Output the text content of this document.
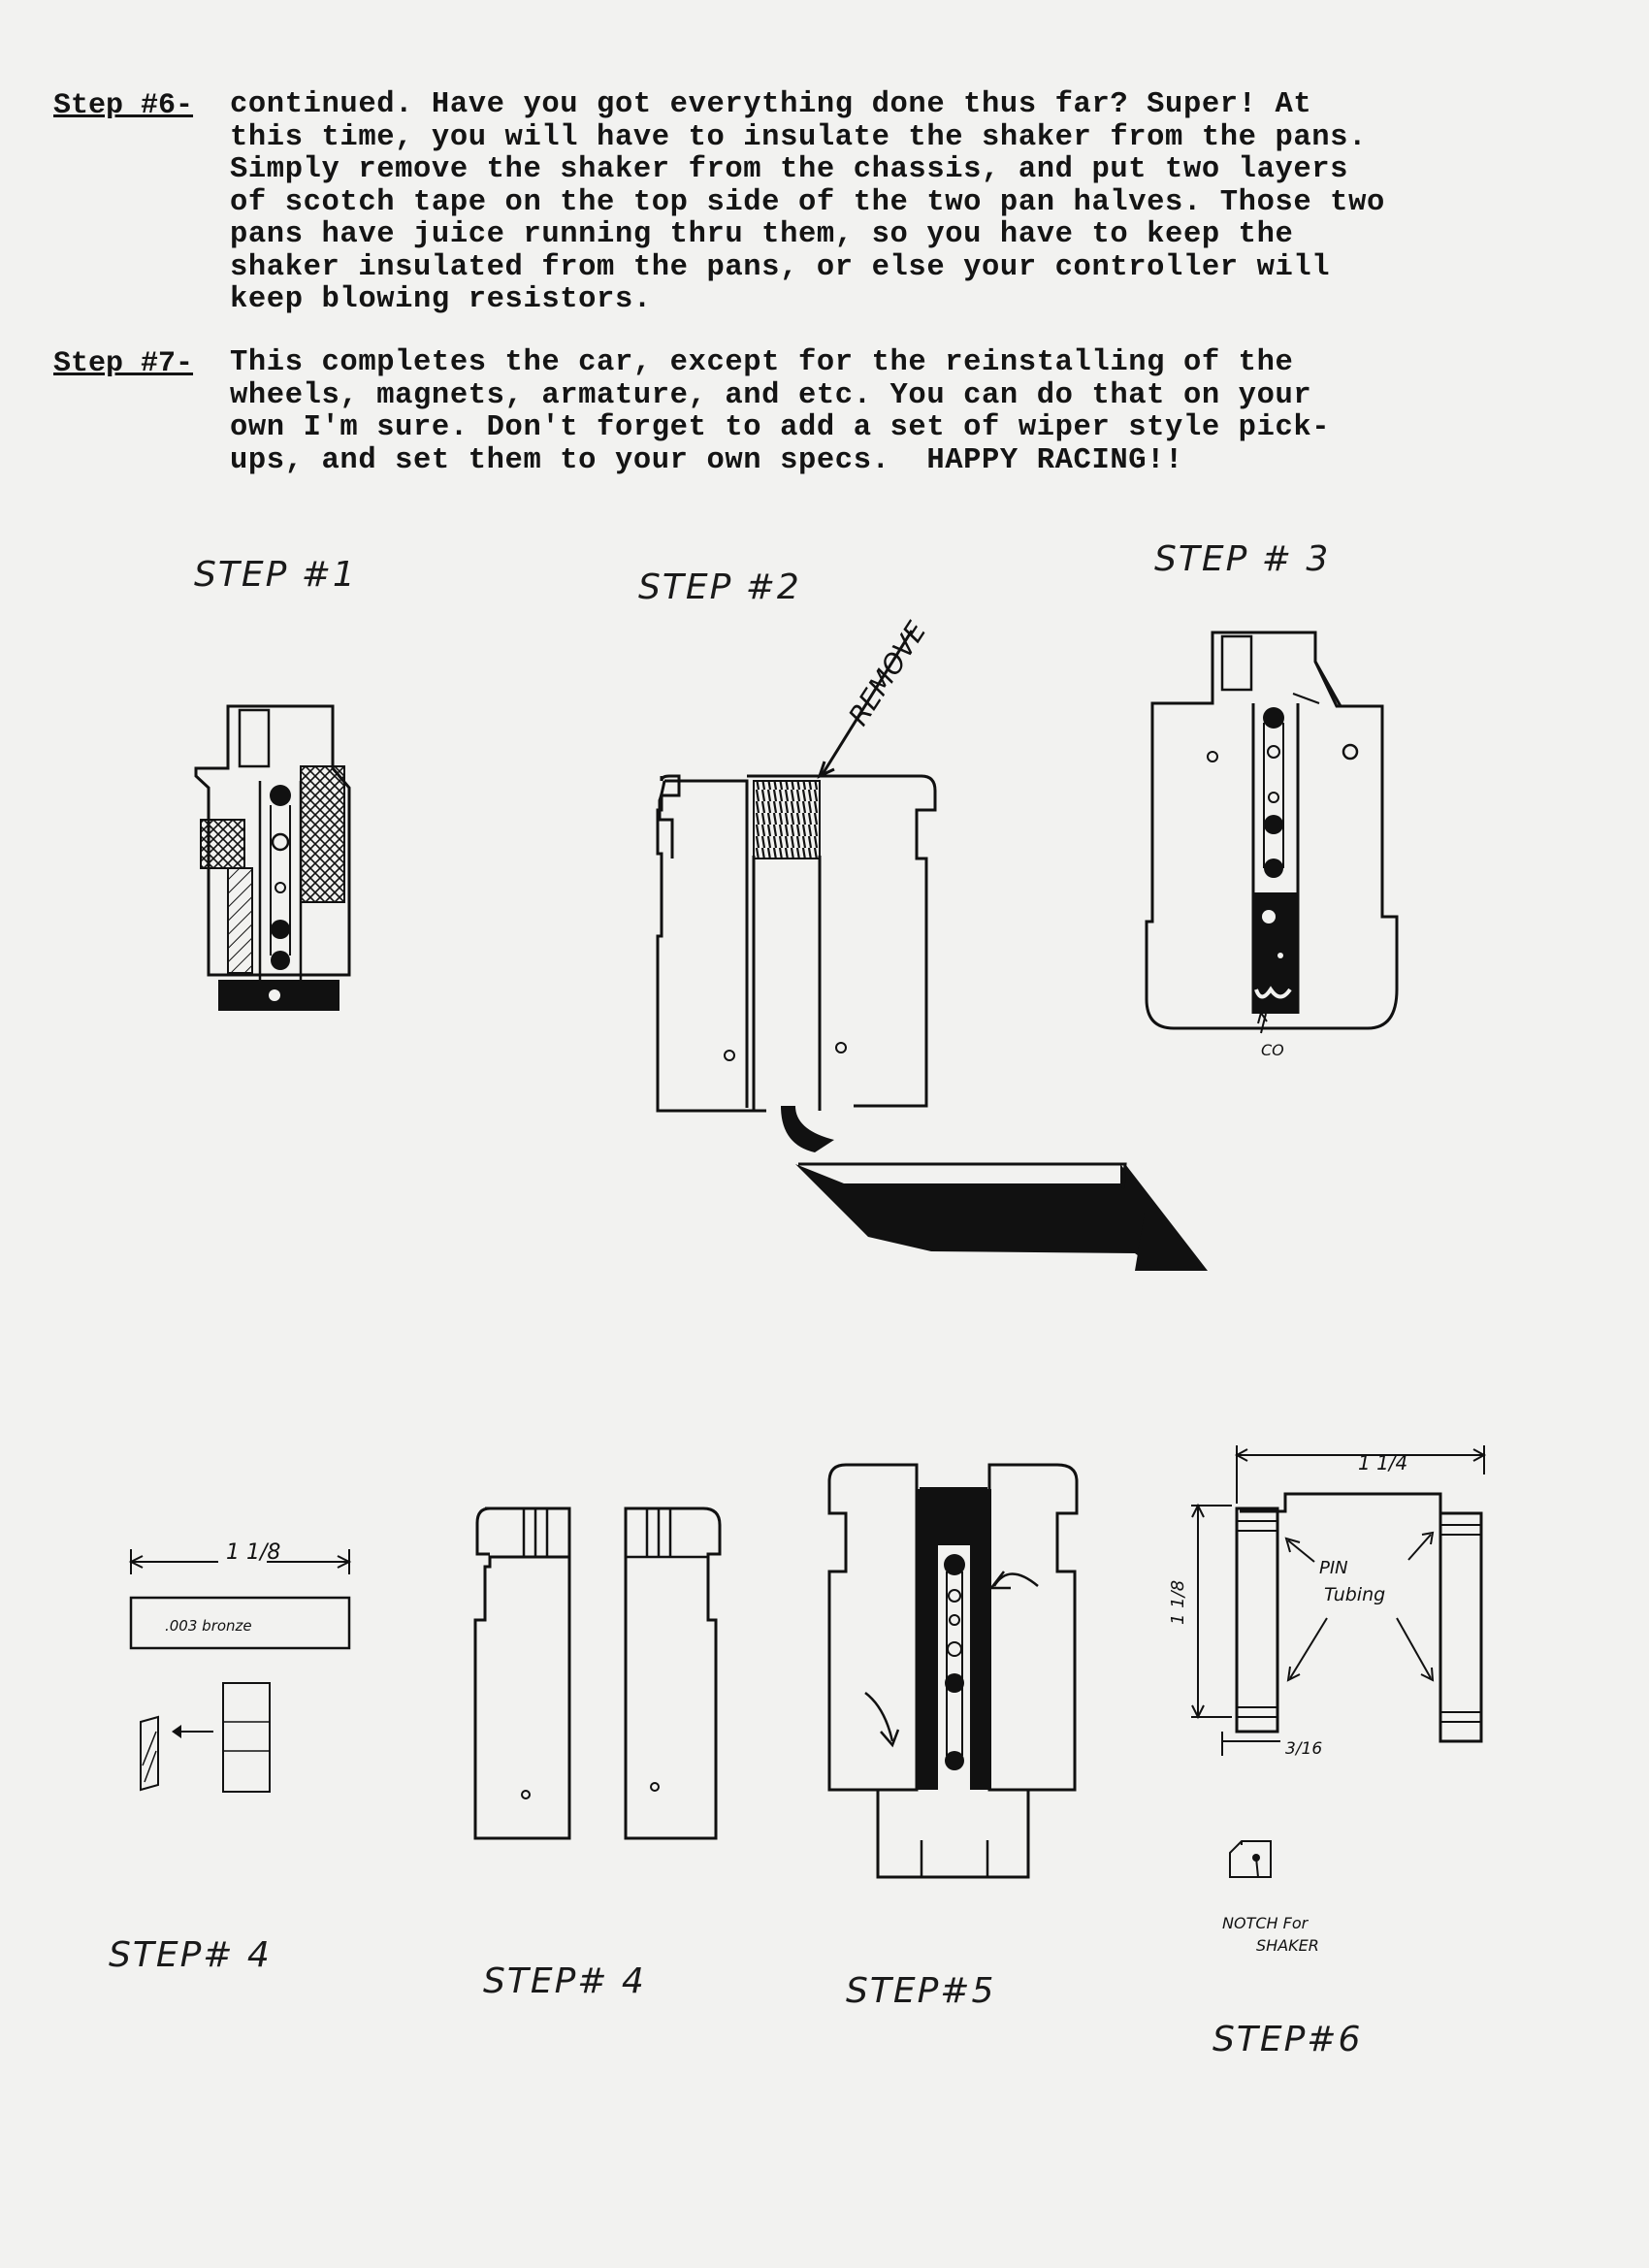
Step #6- continued. Have you got everything done thus far? Super! At
this time, you will have to insulate the shaker from the pans.
Simply remove the shaker from the chassis, and put two layers
of scotch tape on the top side of the two pan halves. Those two
pans have juice running thru them, so you have to keep the
shaker insulated from the pans, or else your controller will
keep blowing resistors.
Step #7- This completes the car, except for the reinstalling of the
wheels, magnets, armature, and etc. You can do that on your
own I'm sure. Don't forget to add a set of wiper style pick-
ups, and set them to your own specs.  HAPPY RACING!!
STEP #1	STEP #2
STEP # 3
STEP# 4
STEP# 4	STEP#5
STEP#6
REMOVE
CO
1 1/8
.003 bronze
1 1/4
1 1/8
3/16
PIN
Tubing
NOTCH For
SHAKER
